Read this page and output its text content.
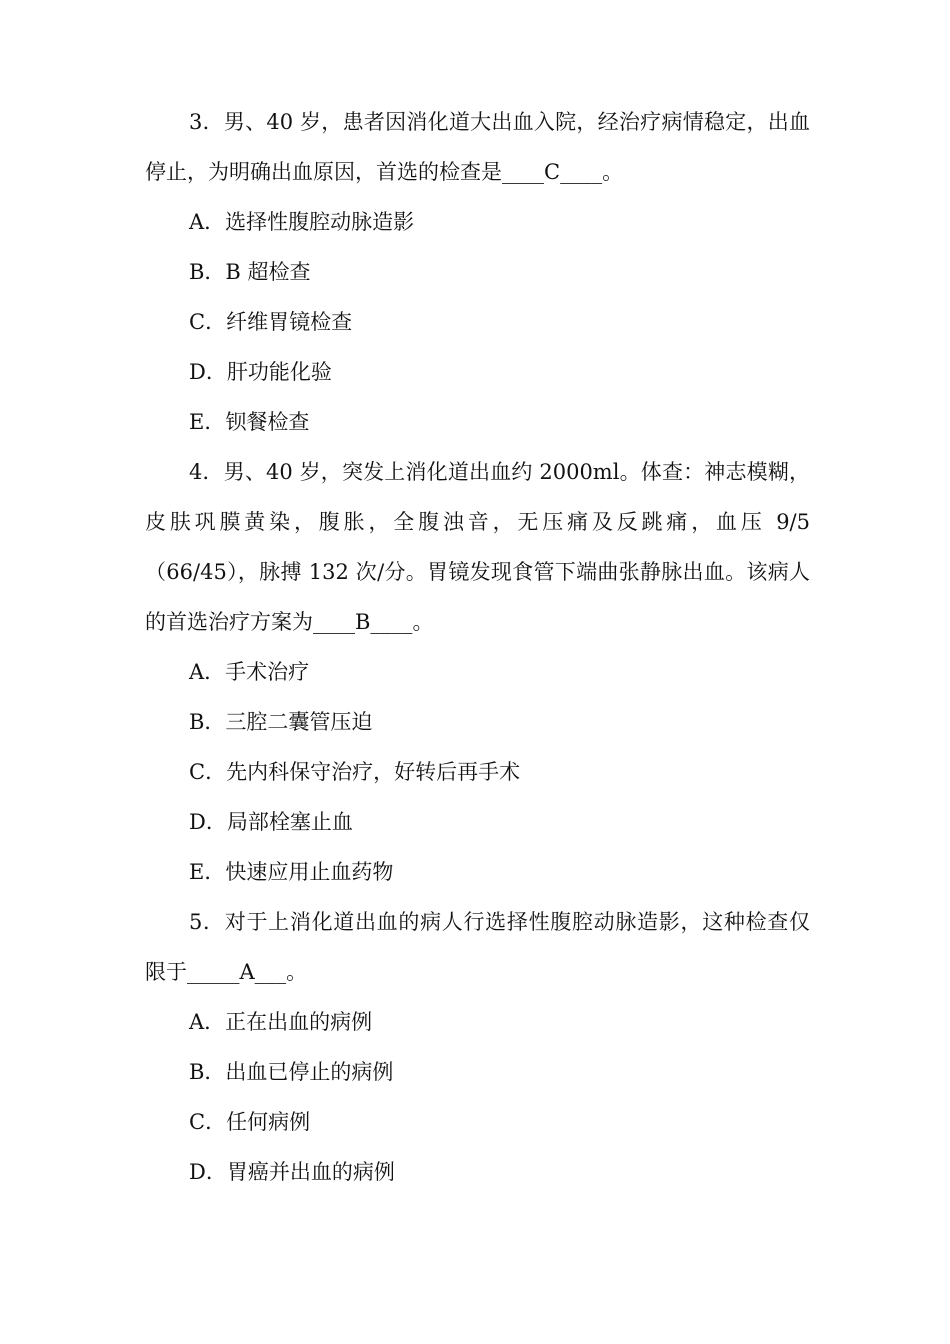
3．男、40 岁，患者因消化道大出血入院，经治疗病情稳定，出血停止，为明确出血原因，首选的检查是____C____。

A．选择性腹腔动脉造影

B．B 超检查

C．纤维胃镜检查

D．肝功能化验

E．钡餐检查

4．男、40 岁，突发上消化道出血约 2000ml。体查：神志模糊，皮肤巩膜黄染，腹胀，全腹浊音，无压痛及反跳痛，血压 9/5（66/45），脉搏 132 次/分。胃镜发现食管下端曲张静脉出血。该病人的首选治疗方案为____B____。

A．手术治疗

B．三腔二囊管压迫

C．先内科保守治疗，好转后再手术

D．局部栓塞止血

E．快速应用止血药物

5．对于上消化道出血的病人行选择性腹腔动脉造影，这种检查仅限于_____A___。

A．正在出血的病例

B．出血已停止的病例

C．任何病例

D．胃癌并出血的病例
